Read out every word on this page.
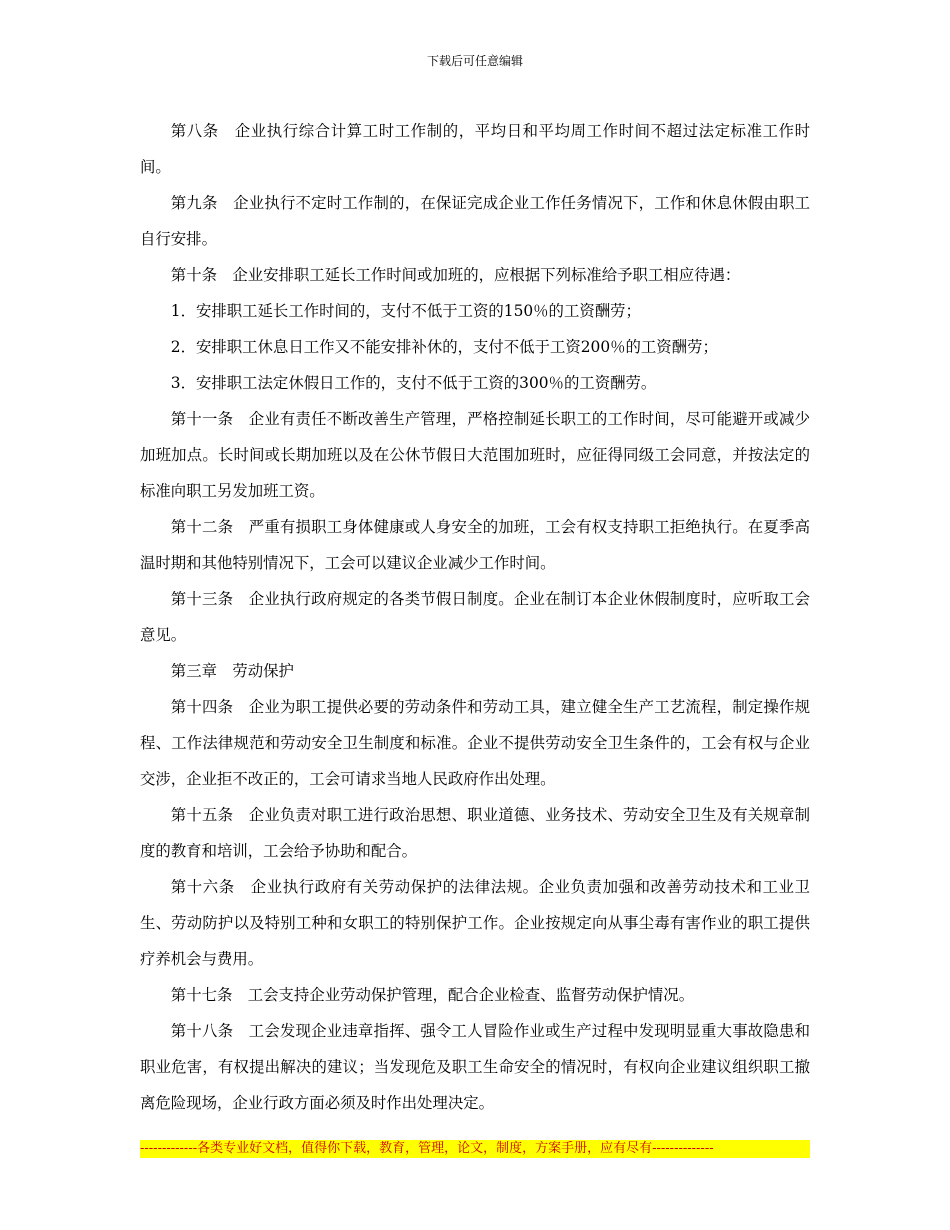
下载后可任意编辑

第八条　企业执行综合计算工时工作制的，平均日和平均周工作时间不超过法定标准工作时间。

第九条　企业执行不定时工作制的，在保证完成企业工作任务情况下，工作和休息休假由职工自行安排。

第十条　企业安排职工延长工作时间或加班的，应根据下列标准给予职工相应待遇：

1．安排职工延长工作时间的，支付不低于工资的150％的工资酬劳；

2．安排职工休息日工作又不能安排补休的，支付不低于工资200％的工资酬劳；

3．安排职工法定休假日工作的，支付不低于工资的300％的工资酬劳。

第十一条　企业有责任不断改善生产管理，严格控制延长职工的工作时间，尽可能避开或减少加班加点。长时间或长期加班以及在公休节假日大范围加班时，应征得同级工会同意，并按法定的标准向职工另发加班工资。

第十二条　严重有损职工身体健康或人身安全的加班，工会有权支持职工拒绝执行。在夏季高温时期和其他特别情况下，工会可以建议企业减少工作时间。

第十三条　企业执行政府规定的各类节假日制度。企业在制订本企业休假制度时，应听取工会意见。

第三章　劳动保护

第十四条　企业为职工提供必要的劳动条件和劳动工具，建立健全生产工艺流程，制定操作规程、工作法律规范和劳动安全卫生制度和标准。企业不提供劳动安全卫生条件的，工会有权与企业交涉，企业拒不改正的，工会可请求当地人民政府作出处理。

第十五条　企业负责对职工进行政治思想、职业道德、业务技术、劳动安全卫生及有关规章制度的教育和培训，工会给予协助和配合。

第十六条　企业执行政府有关劳动保护的法律法规。企业负责加强和改善劳动技术和工业卫生、劳动防护以及特别工种和女职工的特别保护工作。企业按规定向从事尘毒有害作业的职工提供疗养机会与费用。

第十七条　工会支持企业劳动保护管理，配合企业检查、监督劳动保护情况。

第十八条　工会发现企业违章指挥、强令工人冒险作业或生产过程中发现明显重大事故隐患和职业危害，有权提出解决的建议；当发现危及职工生命安全的情况时，有权向企业建议组织职工撤离危险现场，企业行政方面必须及时作出处理决定。

-------------各类专业好文档，值得你下载，教育，管理，论文，制度，方案手册，应有尽有--------------
